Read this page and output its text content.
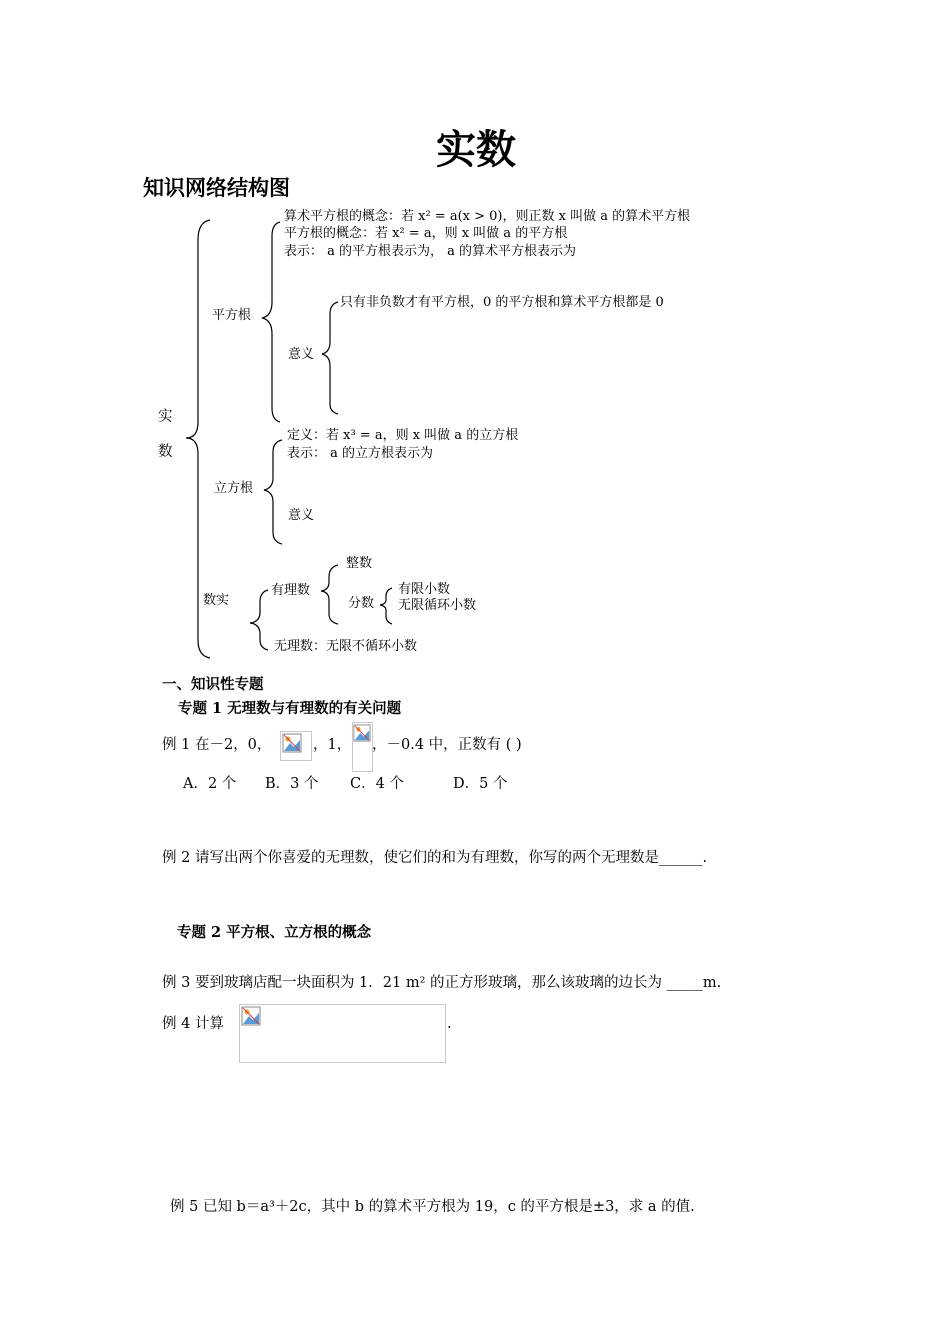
实数
知识网络结构图
实
数
平方根
算术平方根的概念：若 x² = a(x > 0)，则正数 x 叫做 a 的算术平方根
平方根的概念：若 x² = a，则 x 叫做 a 的平方根
表示： a 的平方根表示为， a 的算术平方根表示为
意义
只有非负数才有平方根，0 的平方根和算术平方根都是 0
立方根
定义：若 x³ = a，则 x 叫做 a 的立方根
表示： a 的立方根表示为
意义
数实
有理数
整数
分数
有限小数
无限循环小数
无理数：无限不循环小数
一、知识性专题
专题 1 无理数与有理数的有关问题
例 1 在－2，0，	，1， ，－0.4 中，正数有 ( )
A．2 个 B．3 个 C．4 个	D．5 个
例 2 请写出两个你喜爱的无理数，使它们的和为有理数，你写的两个无理数是______.
专题 2 平方根、立方根的概念
例 3 要到玻璃店配一块面积为 1．21 m² 的正方形玻璃，那么该玻璃的边长为 _____m.
例 4 计算	.
例 5 已知 b＝a³＋2c，其中 b 的算术平方根为 19，c 的平方根是±3，求 a 的值.
